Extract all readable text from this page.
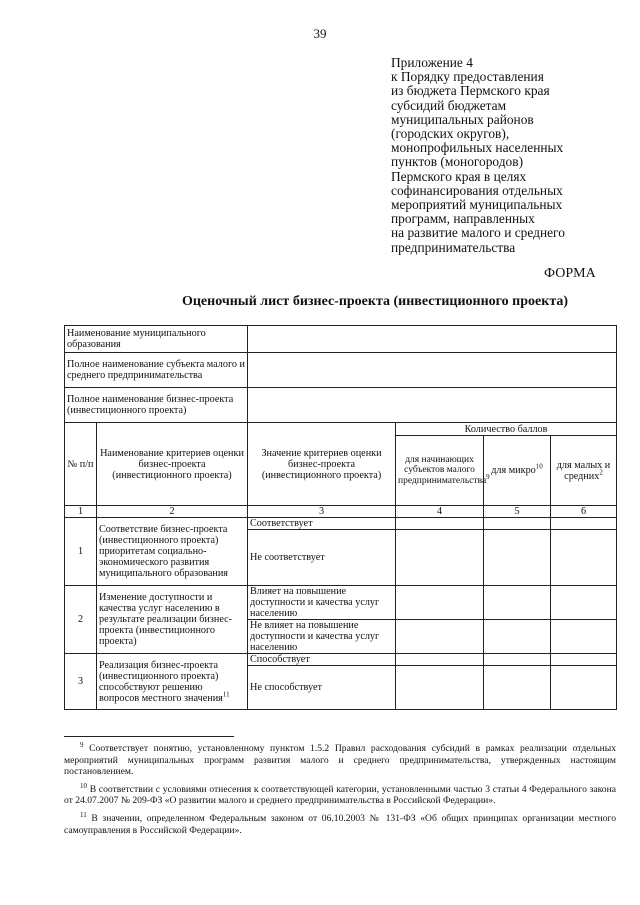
39
Приложение 4
к Порядку предоставления
из бюджета Пермского края
субсидий бюджетам
муниципальных районов
(городских округов),
монопрофильных населенных
пунктов (моногородов)
Пермского края в целях
софинансирования отдельных
мероприятий муниципальных
программ, направленных
на развитие малого и среднего
предпринимательства
ФОРМА
Оценочный лист бизнес-проекта (инвестиционного проекта)
Наименование муниципального образования					
Полное наименование субъекта малого и среднего предпринимательства					
Полное наименование бизнес-проекта (инвестиционного проекта)					
№ п/п	Наименование критериев оценки бизнес-проекта (инвестиционного проекта)	Значение критериев оценки бизнес-проекта (инвестиционного проекта)	Количество баллов		
			для начинающих субъектов малого предпринимательства$^9$	для микро$^{10}$	для малых и средних$^2$
1	2	3	4	5	6
1	Соответствие бизнес-проекта (инвестиционного проекта) приоритетам социально-экономического развития муниципального образования	Соответствует			
		Не соответствует			
2	Изменение доступности и качества услуг населению в результате реализации бизнес-проекта (инвестиционного проекта)	Влияет на повышение доступности и качества услуг населению			
		Не влияет на повышение доступности и качества услуг населению			
3	Реализация бизнес-проекта (инвестиционного проекта) способствуют решению вопросов местного значения$^{11}$	Способствует			
		Не способствует			

$^9$ Соответствует понятию, установленному пунктом 1.5.2 Правил расходования субсидий в рамках реализации отдельных мероприятий муниципальных программ развития малого и среднего предпринимательства, утвержденных настоящим постановлением.

$^{10}$ В соответствии с условиями отнесения к соответствующей категории, установленными частью 3 статьи 4 Федерального закона от 24.07.2007 № 209-ФЗ «О развитии малого и среднего предпринимательства в Российской Федерации».

$^{11}$ В значении, определенном Федеральным законом от 06.10.2003 № 131-ФЗ «Об общих принципах организации местного самоуправления в Российской Федерации».
